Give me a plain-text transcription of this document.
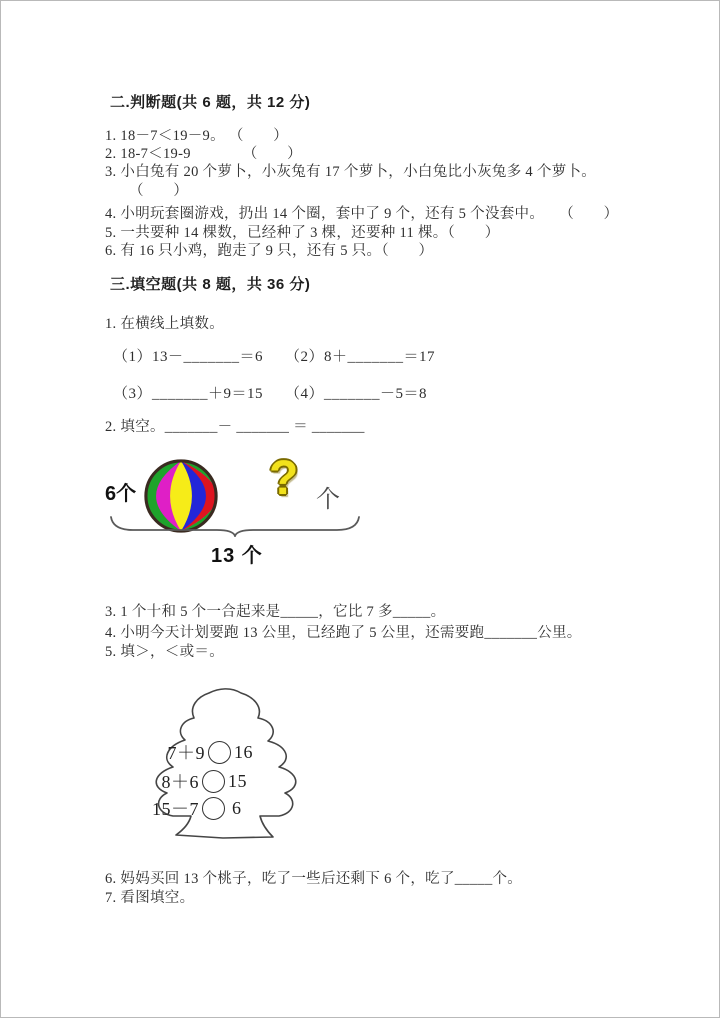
二.判断题(共 6 题，共 12 分)
1. 18－7＜19－9。 （　　）
2. 18-7＜19-9　　　　（　　）
3. 小白兔有 20 个萝卜，小灰兔有 17 个萝卜，小白兔比小灰兔多 4 个萝卜。
（　　）
4. 小明玩套圈游戏，扔出 14 个圈，套中了 9 个，还有 5 个没套中。　　（　　）
5. 一共要种 14 棵数，已经种了 3 棵，还要种 11 棵。（　　）
6. 有 16 只小鸡，跑走了 9 只，还有 5 只。（　　）
三.填空题(共 8 题，共 36 分)
1. 在横线上填数。
（1）13－_______＝6 （2）8＋_______＝17
（3）_______＋9＝15 （4）_______－5＝8
2. 填空。_______－ _______ ＝ _______
6个	? 个
13 个
3. 1 个十和 5 个一合起来是_____，它比 7 多_____。
4. 小明今天计划要跑 13 公里，已经跑了 5 公里，还需要跑_______公里。
5. 填＞，＜或＝。
7＋9 16
8＋6 15
15－7 6
6. 妈妈买回 13 个桃子，吃了一些后还剩下 6 个，吃了_____个。
7. 看图填空。
